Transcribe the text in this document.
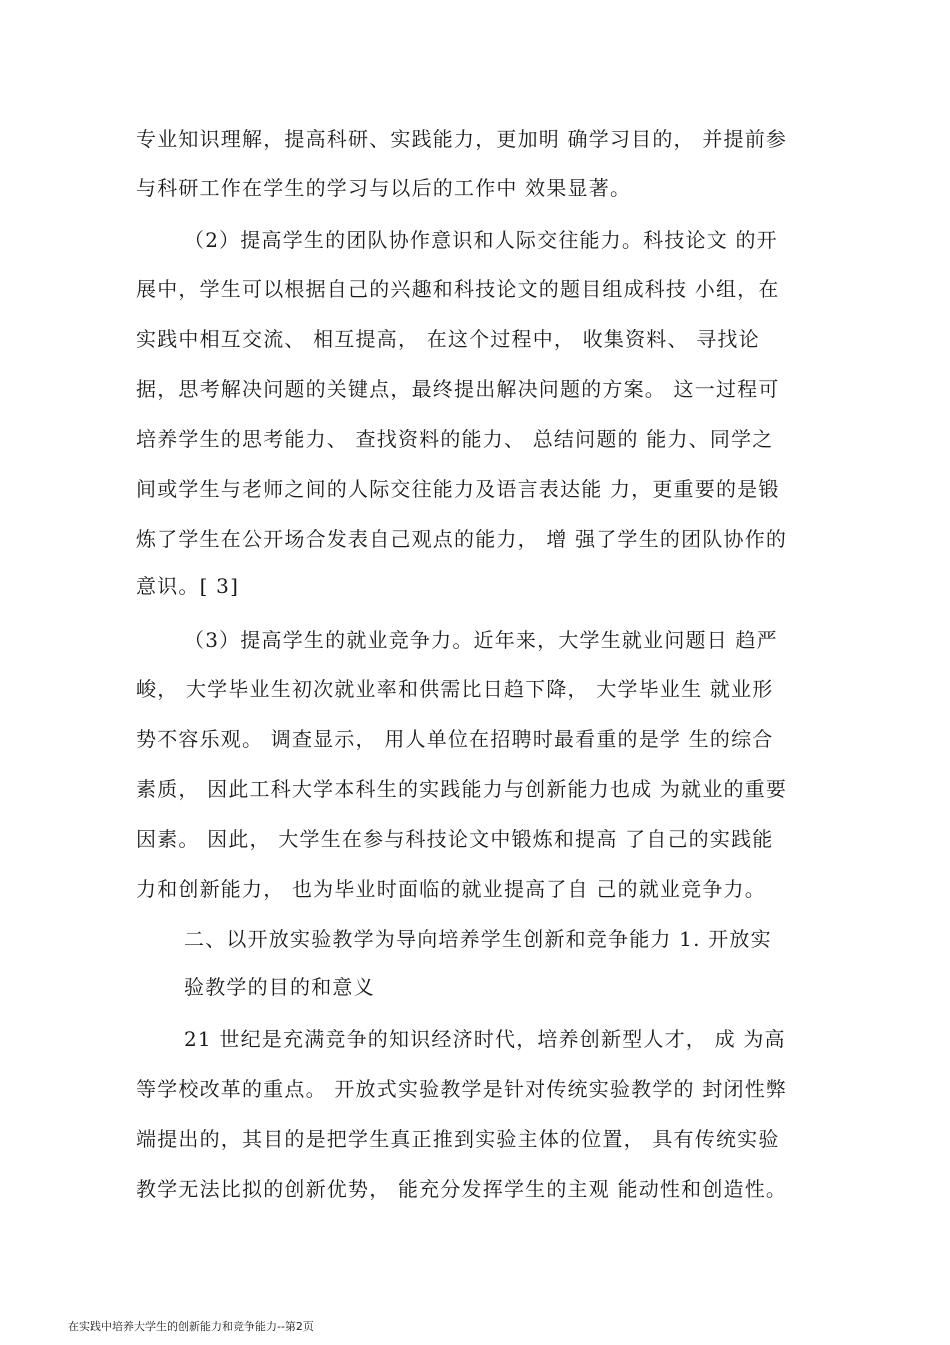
专业知识理解，提高科研、实践能力，更加明 确学习目的， 并提前参
与科研工作在学生的学习与以后的工作中 效果显著。
（2）提高学生的团队协作意识和人际交往能力。科技论文 的开
展中，学生可以根据自己的兴趣和科技论文的题目组成科技 小组，在
实践中相互交流、 相互提高， 在这个过程中， 收集资料、 寻找论
据，思考解决问题的关键点，最终提出解决问题的方案。 这一过程可
培养学生的思考能力、 查找资料的能力、 总结问题的 能力、同学之
间或学生与老师之间的人际交往能力及语言表达能 力，更重要的是锻
炼了学生在公开场合发表自己观点的能力， 增 强了学生的团队协作的
意识。[ 3]
（3）提高学生的就业竞争力。近年来，大学生就业问题日 趋严
峻， 大学毕业生初次就业率和供需比日趋下降， 大学毕业生 就业形
势不容乐观。 调查显示， 用人单位在招聘时最看重的是学 生的综合
素质， 因此工科大学本科生的实践能力与创新能力也成 为就业的重要
因素。 因此， 大学生在参与科技论文中锻炼和提高 了自己的实践能
力和创新能力， 也为毕业时面临的就业提高了自 己的就业竞争力。
二、以开放实验教学为导向培养学生创新和竞争能力 1. 开放实
验教学的目的和意义
21 世纪是充满竞争的知识经济时代，培养创新型人才， 成 为高
等学校改革的重点。 开放式实验教学是针对传统实验教学的 封闭性弊
端提出的，其目的是把学生真正推到实验主体的位置， 具有传统实验
教学无法比拟的创新优势， 能充分发挥学生的主观 能动性和创造性。
在实践中培养大学生的创新能力和竞争能力--第2页
